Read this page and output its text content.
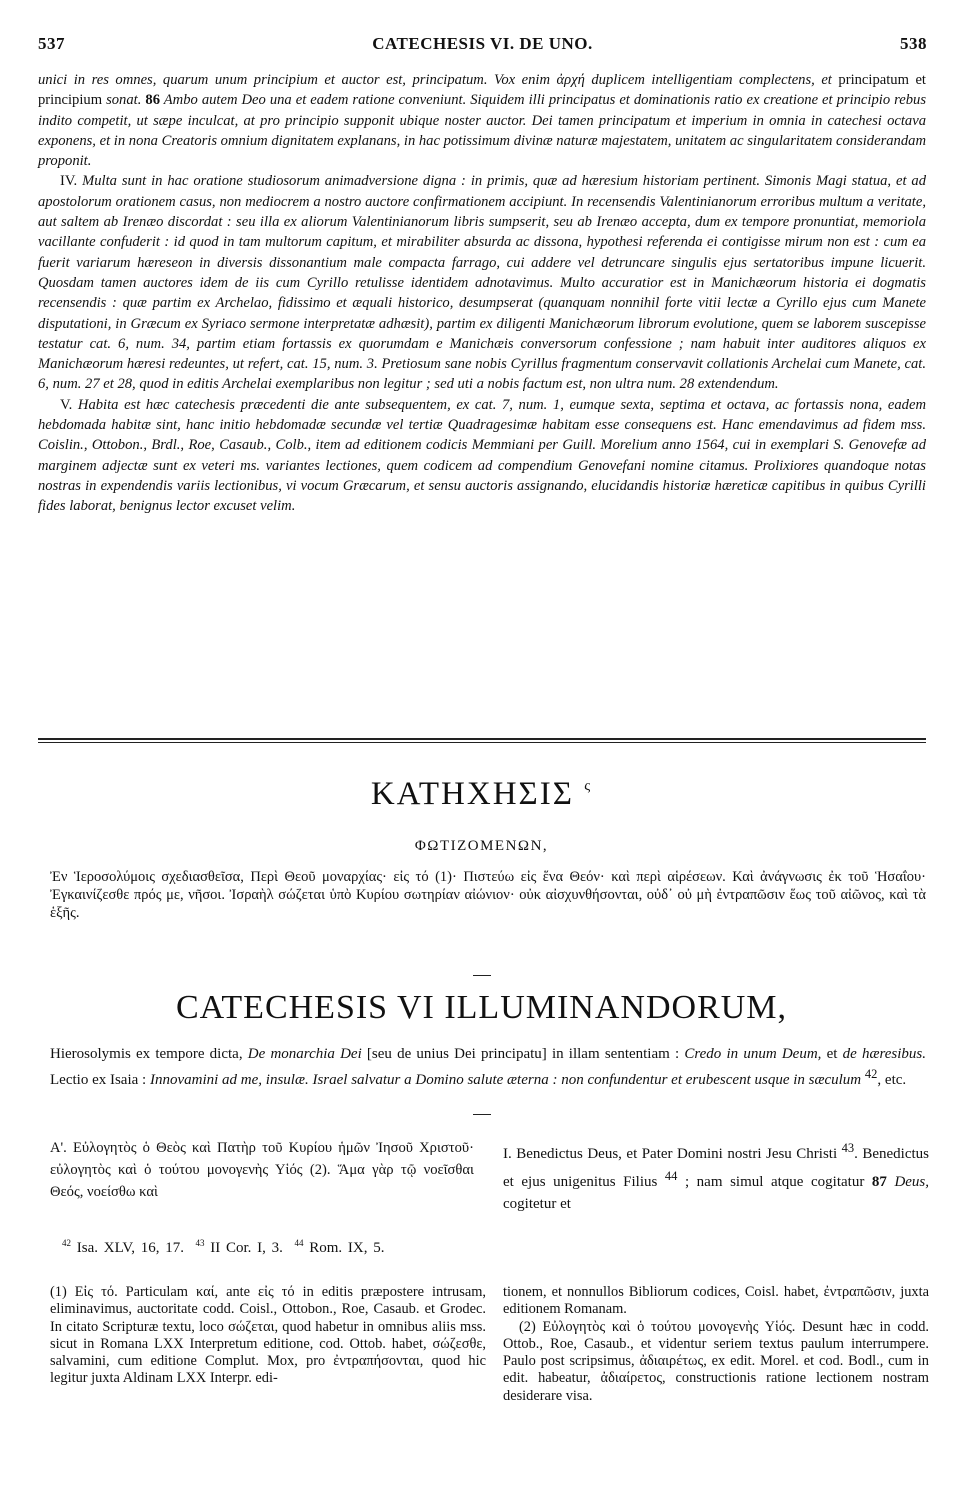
537	CATECHESIS VI. DE UNO.	538

unici in res omnes, quarum unum principium et auctor est, principatum. Vox enim ἀρχή duplicem intelligentiam complectens, et principatum et principium sonat. 86 Ambo autem Deo una et eadem ratione conveniunt. Siquidem illi principatus et dominationis ratio ex creatione et principio rebus indito competit, ut sæpe inculcat, at pro principio supponit ubique noster auctor. Dei tamen principatum et imperium in omnia in catechesi octava exponens, et in nona Creatoris omnium dignitatem explanans, in hac potissimum divinæ naturæ majestatem, unitatem ac singularitatem considerandam proponit.

IV. Multa sunt in hac oratione studiosorum animadversione digna : in primis, quæ ad hæresium historiam pertinent. Simonis Magi statua, et ad apostolorum orationem casus, non mediocrem a nostro auctore confirmationem accipiunt. In recensendis Valentinianorum erroribus multum a veritate, aut saltem ab Irenæo discordat : seu illa ex aliorum Valentinianorum libris sumpserit, seu ab Irenæo accepta, dum ex tempore pronuntiat, memoriola vacillante confuderit : id quod in tam multorum capitum, et mirabiliter absurda ac dissona, hypothesi referenda ei contigisse mirum non est : cum ea fuerit variarum hæreseon in diversis dissonantium male compacta farrago, cui addere vel detruncare singulis ejus sertatoribus impune licuerit. Quosdam tamen auctores idem de iis cum Cyrillo retulisse identidem adnotavimus. Multo accuratior est in Manichæorum historia ei dogmatis recensendis : quæ partim ex Archelao, fidissimo et æquali historico, desumpserat (quanquam nonnihil forte vitii lectæ a Cyrillo ejus cum Manete disputationi, in Græcum ex Syriaco sermone interpretatæ adhæsit), partim ex diligenti Manichæorum librorum evolutione, quem se laborem suscepisse testatur cat. 6, num. 34, partim etiam fortassis ex quorumdam e Manichæis conversorum confessione ; nam habuit inter auditores aliquos ex Manichæorum hæresi redeuntes, ut refert, cat. 15, num. 3. Pretiosum sane nobis Cyrillus fragmentum conservavit collationis Archelai cum Manete, cat. 6, num. 27 et 28, quod in editis Archelai exemplaribus non legitur ; sed uti a nobis factum est, non ultra num. 28 extendendum.

V. Habita est hæc catechesis præcedenti die ante subsequentem, ex cat. 7, num. 1, eumque sexta, septima et octava, ac fortassis nona, eadem hebdomada habitæ sint, hanc initio hebdomadæ secundæ vel tertiæ Quadragesimæ habitam esse consequens est. Hanc emendavimus ad fidem mss. Coislin., Ottobon., Brdl., Roe, Casaub., Colb., item ad editionem codicis Memmiani per Guill. Morelium anno 1564, cui in exemplari S. Genovefæ ad marginem adjectæ sunt ex veteri ms. variantes lectiones, quem codicem ad compendium Genovefani nomine citamus. Prolixiores quandoque notas nostras in expendendis variis lectionibus, vi vocum Græcarum, et sensu auctoris assignando, elucidandis historiæ hæreticæ capitibus in quibus Cyrilli fides laborat, benignus lector excuset velim.

ΚΑΤΗΧΗΣΙΣ $^\varsigma$
ΦΩΤΙΖΟΜΕΝΩΝ,

Ἐν Ἱεροσολύμοις σχεδιασθεῖσα, Περὶ Θεοῦ μοναρχίας· εἰς τό (1)· Πιστεύω εἰς ἕνα Θεόν· καὶ περὶ αἱρέσεων. Καὶ ἀνάγνωσις ἐκ τοῦ Ἡσαΐου· Ἐγκαινίζεσθε πρός με, νῆσοι. Ἰσραὴλ σώζεται ὑπὸ Κυρίου σωτηρίαν αἰώνιον· οὐκ αἰσχυνθήσονται, οὐδ᾽ οὐ μὴ ἐντραπῶσιν ἕως τοῦ αἰῶνος, καὶ τὰ ἑξῆς.

CATECHESIS VI ILLUMINANDORUM,

Hierosolymis ex tempore dicta, De monarchia Dei [seu de unius Dei principatu] in illam sententiam : Credo in unum Deum, et de hæresibus. Lectio ex Isaia : Innovamini ad me, insulæ. Israel salvatur a Domino salute æterna : non confundentur et erubescent usque in sæculum $^{42}$, etc.

Α'. Εὐλογητὸς ὁ Θεὸς καὶ Πατὴρ τοῦ Κυρίου ἡμῶν Ἰησοῦ Χριστοῦ· εὐλογητὸς καὶ ὁ τούτου μονογενὴς Υἱός (2). Ἅμα γὰρ τῷ νοεῖσθαι Θεός, νοείσθω καὶ

I. Benedictus Deus, et Pater Domini nostri Jesu Christi $^{43}$. Benedictus et ejus unigenitus Filius $^{44}$ ; nam simul atque cogitatur 87 Deus, cogitetur et

$^{42}$ Isa. XLV, 16, 17. $^{43}$ II Cor. I, 3. $^{44}$ Rom. IX, 5.

(1) Εἰς τό. Particulam καί, ante εἰς τό in editis præpostere intrusam, eliminavimus, auctoritate codd. Coisl., Ottobon., Roe, Casaub. et Grodec. In citato Scripturæ textu, loco σώζεται, quod habetur in omnibus aliis mss. sicut in Romana LXX Interpretum editione, cod. Ottob. habet, σώζεσθε, salvamini, cum editione Complut. Mox, pro ἐντραπήσονται, quod hic legitur juxta Aldinam LXX Interpr. edi-

tionem, et nonnullos Bibliorum codices, Coisl. habet, ἐντραπῶσιν, juxta editionem Romanam.

(2) Εὐλογητὸς καὶ ὁ τούτου μονογενὴς Υἱός. Desunt hæc in codd. Ottob., Roe, Casaub., et videntur seriem textus paulum interrumpere. Paulo post scripsimus, ἀδιαιρέτως, ex edit. Morel. et cod. Bodl., cum in edit. habeatur, ἀδιαίρετος, constructionis ratione lectionem nostram desiderare visa.
